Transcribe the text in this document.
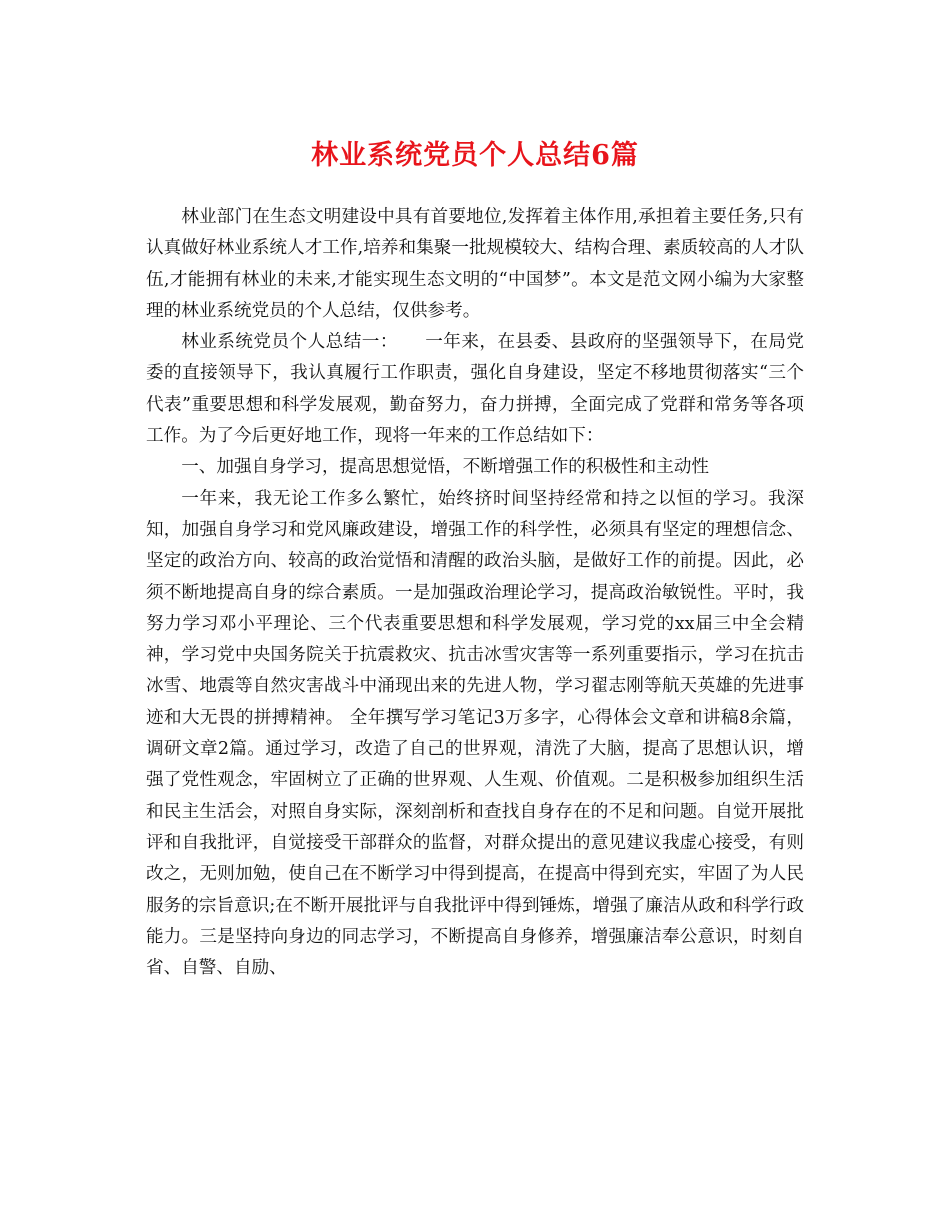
林业系统党员个人总结6篇

林业部门在生态文明建设中具有首要地位,发挥着主体作用,承担着主要任务,只有认真做好林业系统人才工作,培养和集聚一批规模较大、结构合理、素质较高的人才队伍,才能拥有林业的未来,才能实现生态文明的“中国梦”。本文是范文网小编为大家整理的林业系统党员的个人总结，仅供参考。

林业系统党员个人总结一：　　一年来，在县委、县政府的坚强领导下，在局党委的直接领导下，我认真履行工作职责，强化自身建设，坚定不移地贯彻落实“三个代表”重要思想和科学发展观，勤奋努力，奋力拼搏，全面完成了党群和常务等各项工作。为了今后更好地工作，现将一年来的工作总结如下：

一、加强自身学习，提高思想觉悟，不断增强工作的积极性和主动性

一年来，我无论工作多么繁忙，始终挤时间坚持经常和持之以恒的学习。我深知，加强自身学习和党风廉政建设，增强工作的科学性，必须具有坚定的理想信念、坚定的政治方向、较高的政治觉悟和清醒的政治头脑，是做好工作的前提。因此，必须不断地提高自身的综合素质。一是加强政治理论学习，提高政治敏锐性。平时，我努力学习邓小平理论、三个代表重要思想和科学发展观，学习党的xx届三中全会精神，学习党中央国务院关于抗震救灾、抗击冰雪灾害等一系列重要指示，学习在抗击冰雪、地震等自然灾害战斗中涌现出来的先进人物，学习翟志刚等航天英雄的先进事迹和大无畏的拼搏精神。 全年撰写学习笔记3万多字，心得体会文章和讲稿8余篇，调研文章2篇。通过学习，改造了自己的世界观，清洗了大脑，提高了思想认识，增强了党性观念，牢固树立了正确的世界观、人生观、价值观。二是积极参加组织生活和民主生活会，对照自身实际，深刻剖析和查找自身存在的不足和问题。自觉开展批评和自我批评，自觉接受干部群众的监督，对群众提出的意见建议我虚心接受，有则改之，无则加勉，使自己在不断学习中得到提高，在提高中得到充实，牢固了为人民服务的宗旨意识;在不断开展批评与自我批评中得到锤炼，增强了廉洁从政和科学行政能力。三是坚持向身边的同志学习，不断提高自身修养，增强廉洁奉公意识，时刻自省、自警、自励、
